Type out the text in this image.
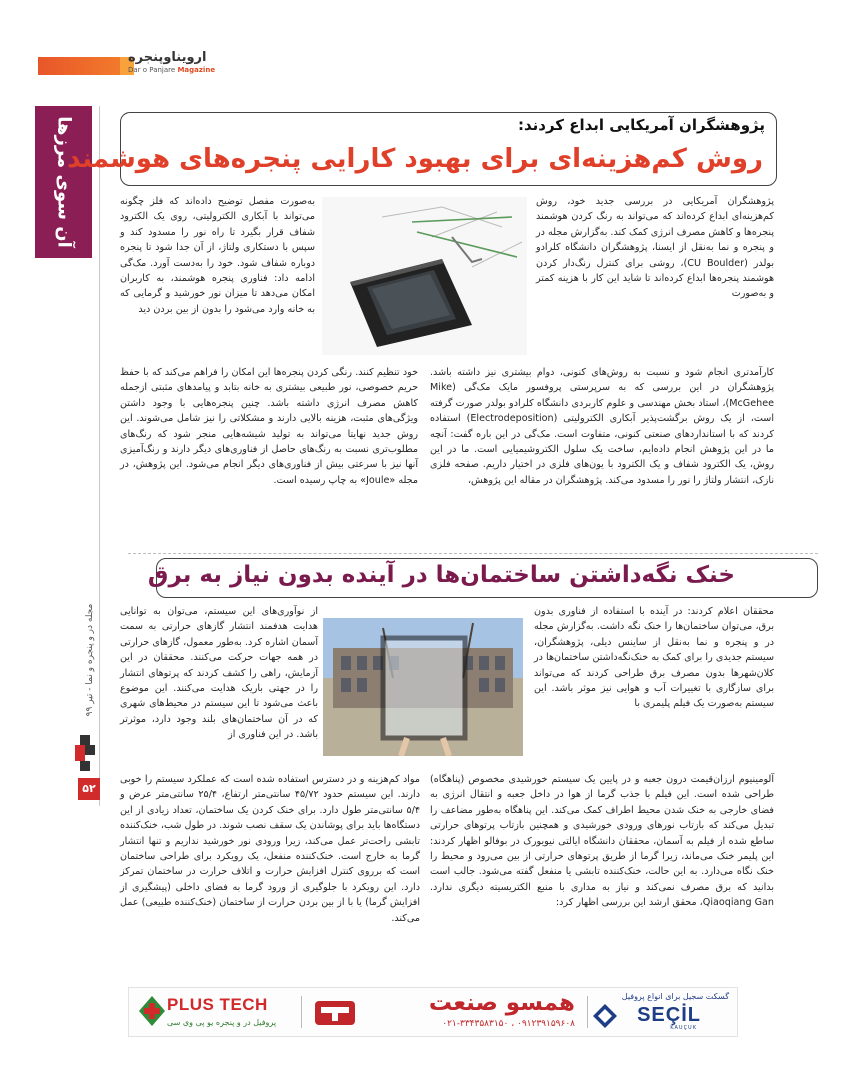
ارویناوپنجره
Dar o Panjare Magazine
آن سوی مرزها
مجله در و پنجره و نما - تیر ۹۹
۵۲
پژوهشگران آمریکایی ابداع کردند:
روش کم‌هزینه‌ای برای بهبود کارایی پنجره‌های هوشمند

پژوهشگران آمریکایی در بررسی جدید خود، روش کم‌هزینه‌ای ابداع کرده‌اند که می‌تواند به رنگ کردن هوشمند پنجره‌ها و کاهش مصرف انرژی کمک کند. به‌گزارش مجله در و پنجره و نما به‌نقل از ایسنا، پژوهشگران دانشگاه کلرادو بولدر (CU Boulder)، روشی برای کنترل رنگ‌دار کردن هوشمند پنجره‌ها ابداع کرده‌اند تا شاید این کار با هزینه کمتر و به‌صورت

به‌صورت مفصل توضیح داده‌اند که فلز چگونه می‌تواند با آبکاری الکترولیتی، روی یک الکترود شفاف قرار بگیرد تا راه نور را مسدود کند و سپس با دستکاری ولتاژ، از آن جدا شود تا پنجره دوباره شفاف شود. خود را به‌دست آورد. مک‌گی ادامه داد: فناوری پنجره هوشمند، به کاربران امکان می‌دهد تا میزان نور خورشید و گرمایی که به خانه وارد می‌شود را بدون از بین بردن دید

کارآمدتری انجام شود و نسبت به روش‌های کنونی، دوام بیشتری نیز داشته باشد. پژوهشگران در این بررسی که به سرپرستی پروفسور مایک مک‌گی (Mike McGehee)، استاد بخش مهندسی و علوم کاربردی دانشگاه کلرادو بولدر صورت گرفته است، از یک روش برگشت‌پذیر آبکاری الکترولیتی (Electrodeposition) استفاده کردند که با استانداردهای صنعتی کنونی، متفاوت است. مک‌گی در این باره گفت: آنچه ما در این پژوهش انجام داده‌ایم، ساخت یک سلول الکتروشیمیایی است. ما در این روش، یک الکترود شفاف و یک الکترود با یون‌های فلزی در اختیار داریم. صفحه فلزی نازک، انتشار ولتاژ را نور را مسدود می‌کند. پژوهشگران در مقاله این پژوهش،

خود تنظیم کنند. رنگی کردن پنجره‌ها این امکان را فراهم می‌کند که با حفظ حریم خصوصی، نور طبیعی بیشتری به خانه بتابد و پیامدهای مثبتی ازجمله کاهش مصرف انرژی داشته باشد. چنین پنجره‌هایی با وجود داشتن ویژگی‌های مثبت، هزینه بالایی دارند و مشکلاتی را نیز شامل می‌شوند. این روش جدید نهایتا می‌تواند به تولید شیشه‌هایی منجر شود که رنگ‌های مطلوب‌تری نسبت به رنگ‌های حاصل از فناوری‌های دیگر دارند و رنگ‌آمیزی آنها نیز با سرعتی بیش از فناوری‌های دیگر انجام می‌شود. این پژوهش، در مجله «Joule» به چاپ رسیده است.

خنک نگه‌داشتن ساختمان‌ها در آینده بدون نیاز به برق

محققان اعلام کردند: در آینده با استفاده از فناوری بدون برق، می‌توان ساختمان‌ها را خنک نگه داشت. به‌گزارش مجله در و پنجره و نما به‌نقل از ساینس دیلی، پژوهشگران، سیستم جدیدی را برای کمک به خنک‌نگه‌داشتن ساختمان‌ها در کلان‌شهرها بدون مصرف برق طراحی کردند که می‌تواند برای سازگاری با تغییرات آب و هوایی نیز موثر باشد. این سیستم به‌صورت یک فیلم پلیمری با

از نوآوری‌های این سیستم، می‌توان به توانایی هدایت هدفمند انتشار گازهای حرارتی به سمت آسمان اشاره کرد. به‌طور معمول، گازهای حرارتی در همه جهات حرکت می‌کنند. محققان در این آزمایش، راهی را کشف کردند که پرتوهای انتشار را در جهتی باریک هدایت می‌کنند. این موضوع باعث می‌شود تا این سیستم در محیط‌های شهری که در آن ساختمان‌های بلند وجود دارد، موثرتر باشد. در این فناوری از

آلومینیوم ارزان‌قیمت درون جعبه و در پایین یک سیستم خورشیدی مخصوص (پناهگاه) طراحی شده است. این فیلم با جذب گرما از هوا در داخل جعبه و انتقال انرژی به فضای خارجی به خنک شدن محیط اطراف کمک می‌کند. این پناهگاه به‌طور مضاعف را تبدیل می‌کند که بازتاب نورهای ورودی خورشیدی و همچنین بازتاب پرتوهای حرارتی ساطع شده از فیلم به آسمان، محققان دانشگاه ایالتی نیویورک در بوفالو اظهار کردند: این پلیمر خنک می‌ماند، زیرا گرما از طریق پرتوهای حرارتی از بین می‌رود و محیط را خنک نگاه می‌دارد. به این حالت، خنک‌کننده تابشی یا منفعل گفته می‌شود. جالب است بدانید که برق مصرف نمی‌کند و نیاز به مداری با منبع الکتریسیته دیگری ندارد. Qiaoqiang Gan، محقق ارشد این بررسی اظهار کرد:

مواد کم‌هزینه و در دسترس استفاده شده است که عملکرد سیستم را خوبی دارند. این سیستم حدود ۴۵/۷۲ سانتی‌متر ارتفاع، ۲۵/۴ سانتی‌متر عرض و ۵/۴ سانتی‌متر طول دارد. برای خنک کردن یک ساختمان، تعداد زیادی از این دستگاه‌ها باید برای پوشاندن یک سقف نصب شوند. در طول شب، خنک‌کننده تابشی راحت‌تر عمل می‌کند، زیرا ورودی نور خورشید نداریم و تنها انتشار گرما به خارج است. خنک‌کننده منفعل، یک رویکرد برای طراحی ساختمان است که برروی کنترل افزایش حرارت و اتلاف حرارت در ساختمان تمرکز دارد. این رویکرد با جلوگیری از ورود گرما به فضای داخلی (پیشگیری از افزایش گرما) یا با از بین بردن حرارت از ساختمان (خنک‌کننده طبیعی) عمل می‌کند.

PLUS TECH
پروفیل در و پنجره یو پی وی سی
همسو صنعت
۰۲۱-۳۳۴۳۵۸۳۱۵۰ ، ۰۹۱۲۳۹۱۵۹۶۰۸
گسکت سجیل برای انواع پروفیل
SEÇİL
KAUÇUK
